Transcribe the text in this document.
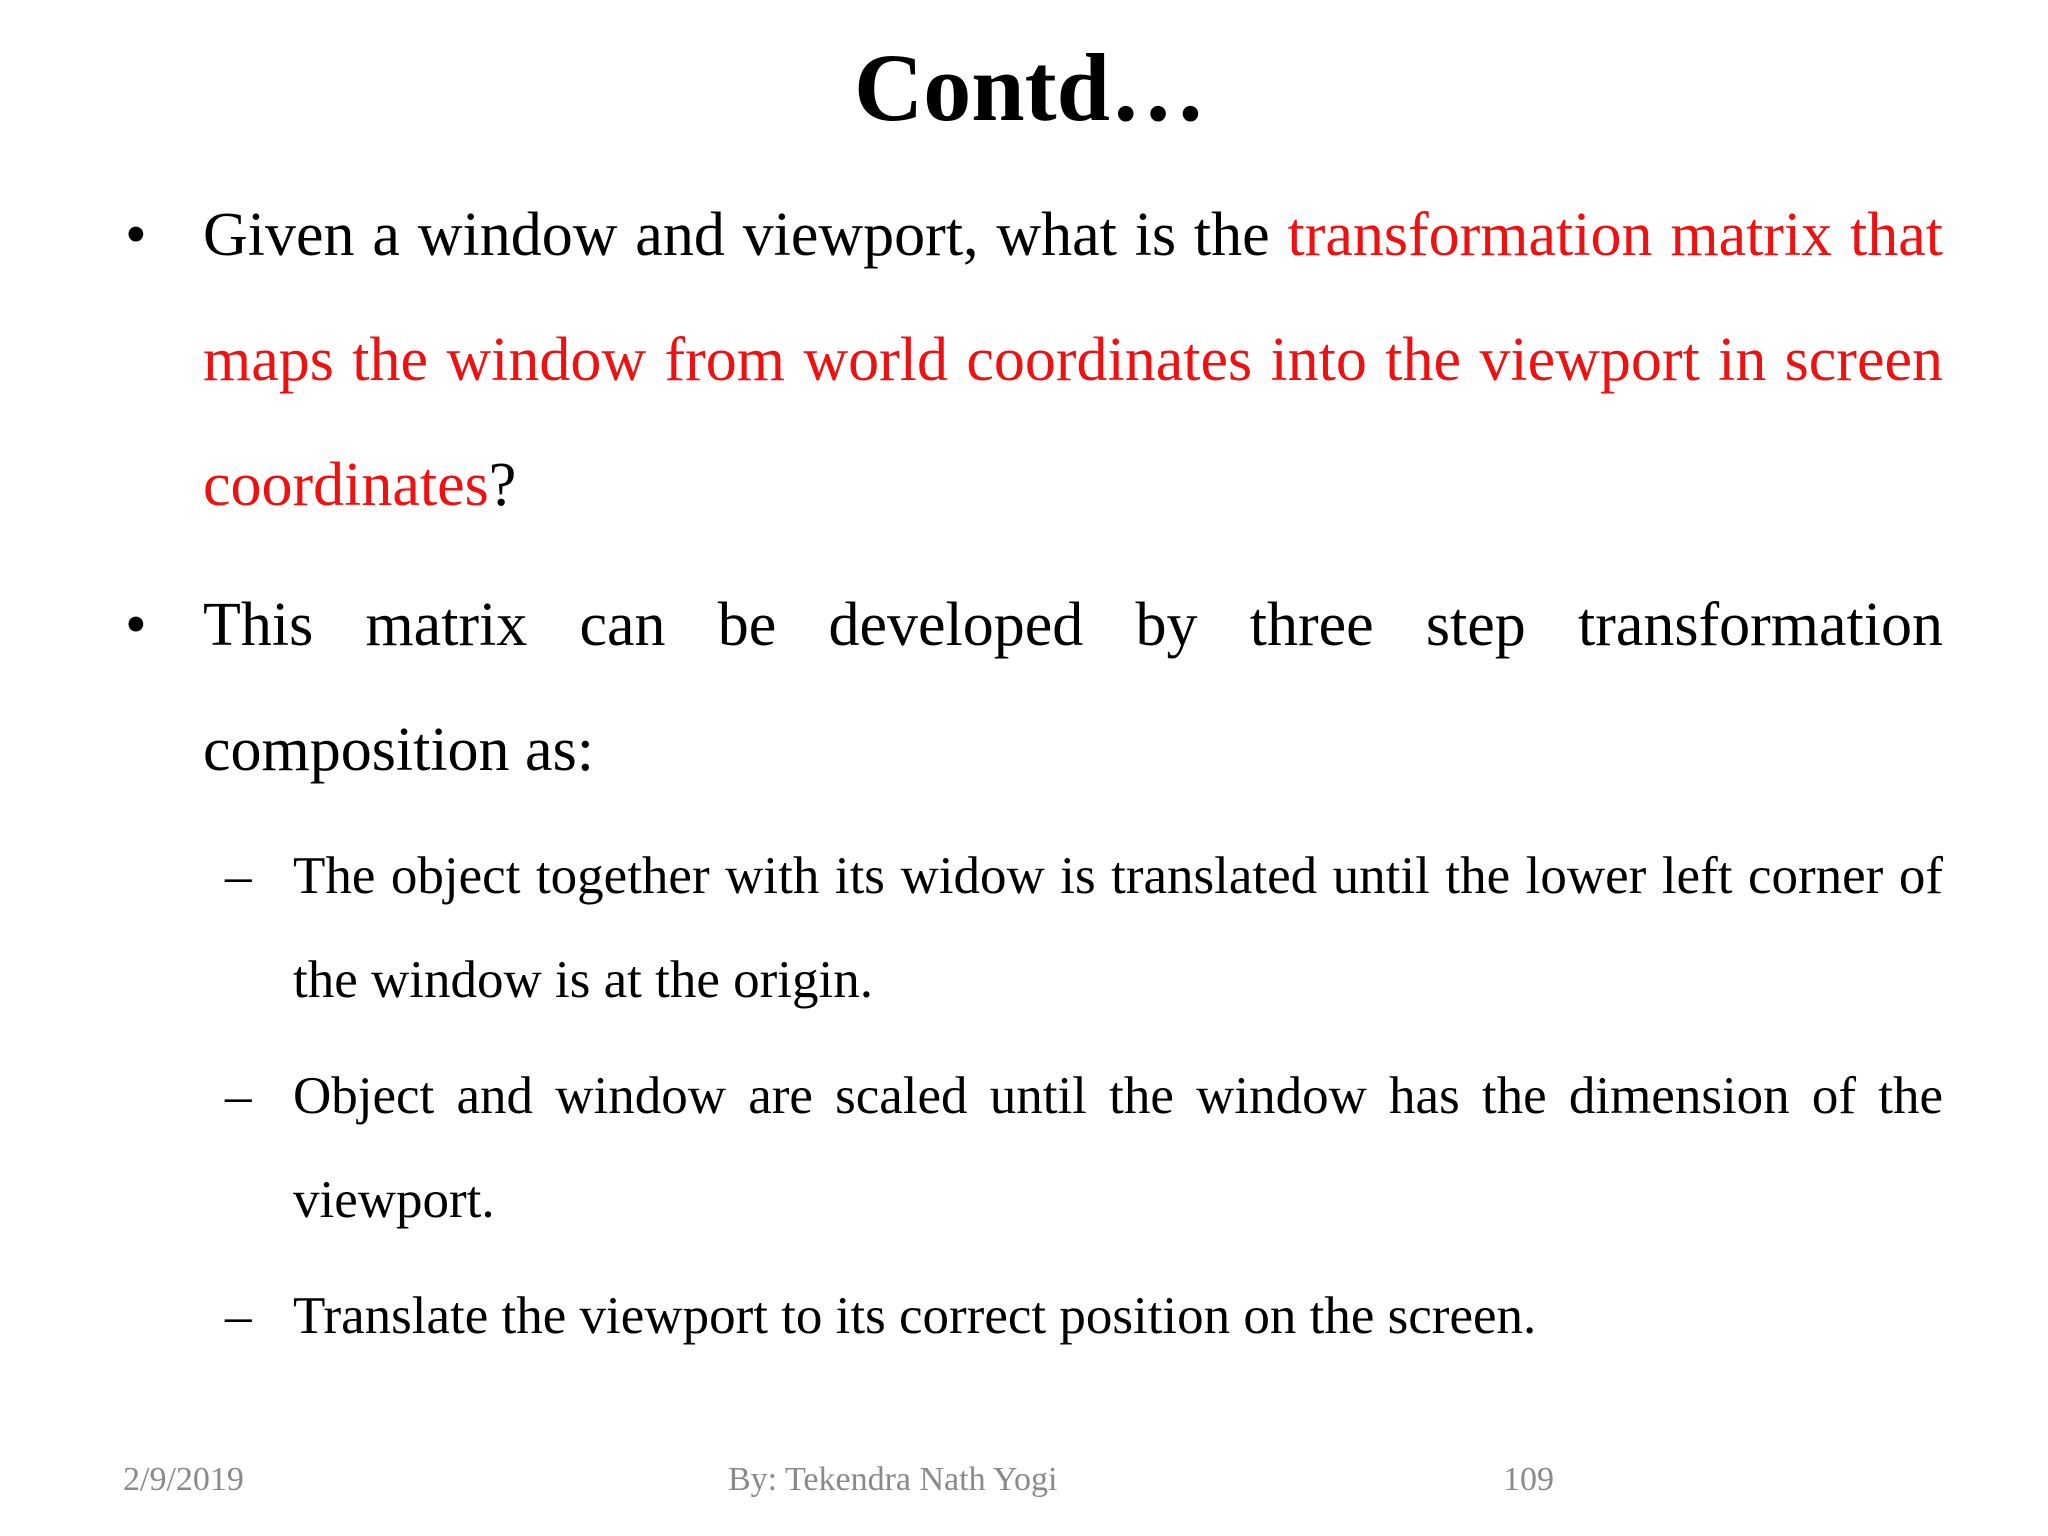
Contd…
• Given a window and viewport, what is the transformation matrix that maps the window from world coordinates into the viewport in screen coordinates?
• This matrix can be developed by three step transformation composition as:
– The object together with its widow is translated until the lower left corner of the window is at the origin.
– Object and window are scaled until the window has the dimension of the viewport.
– Translate the viewport to its correct position on the screen.
2/9/2019	By: Tekendra Nath Yogi	109
